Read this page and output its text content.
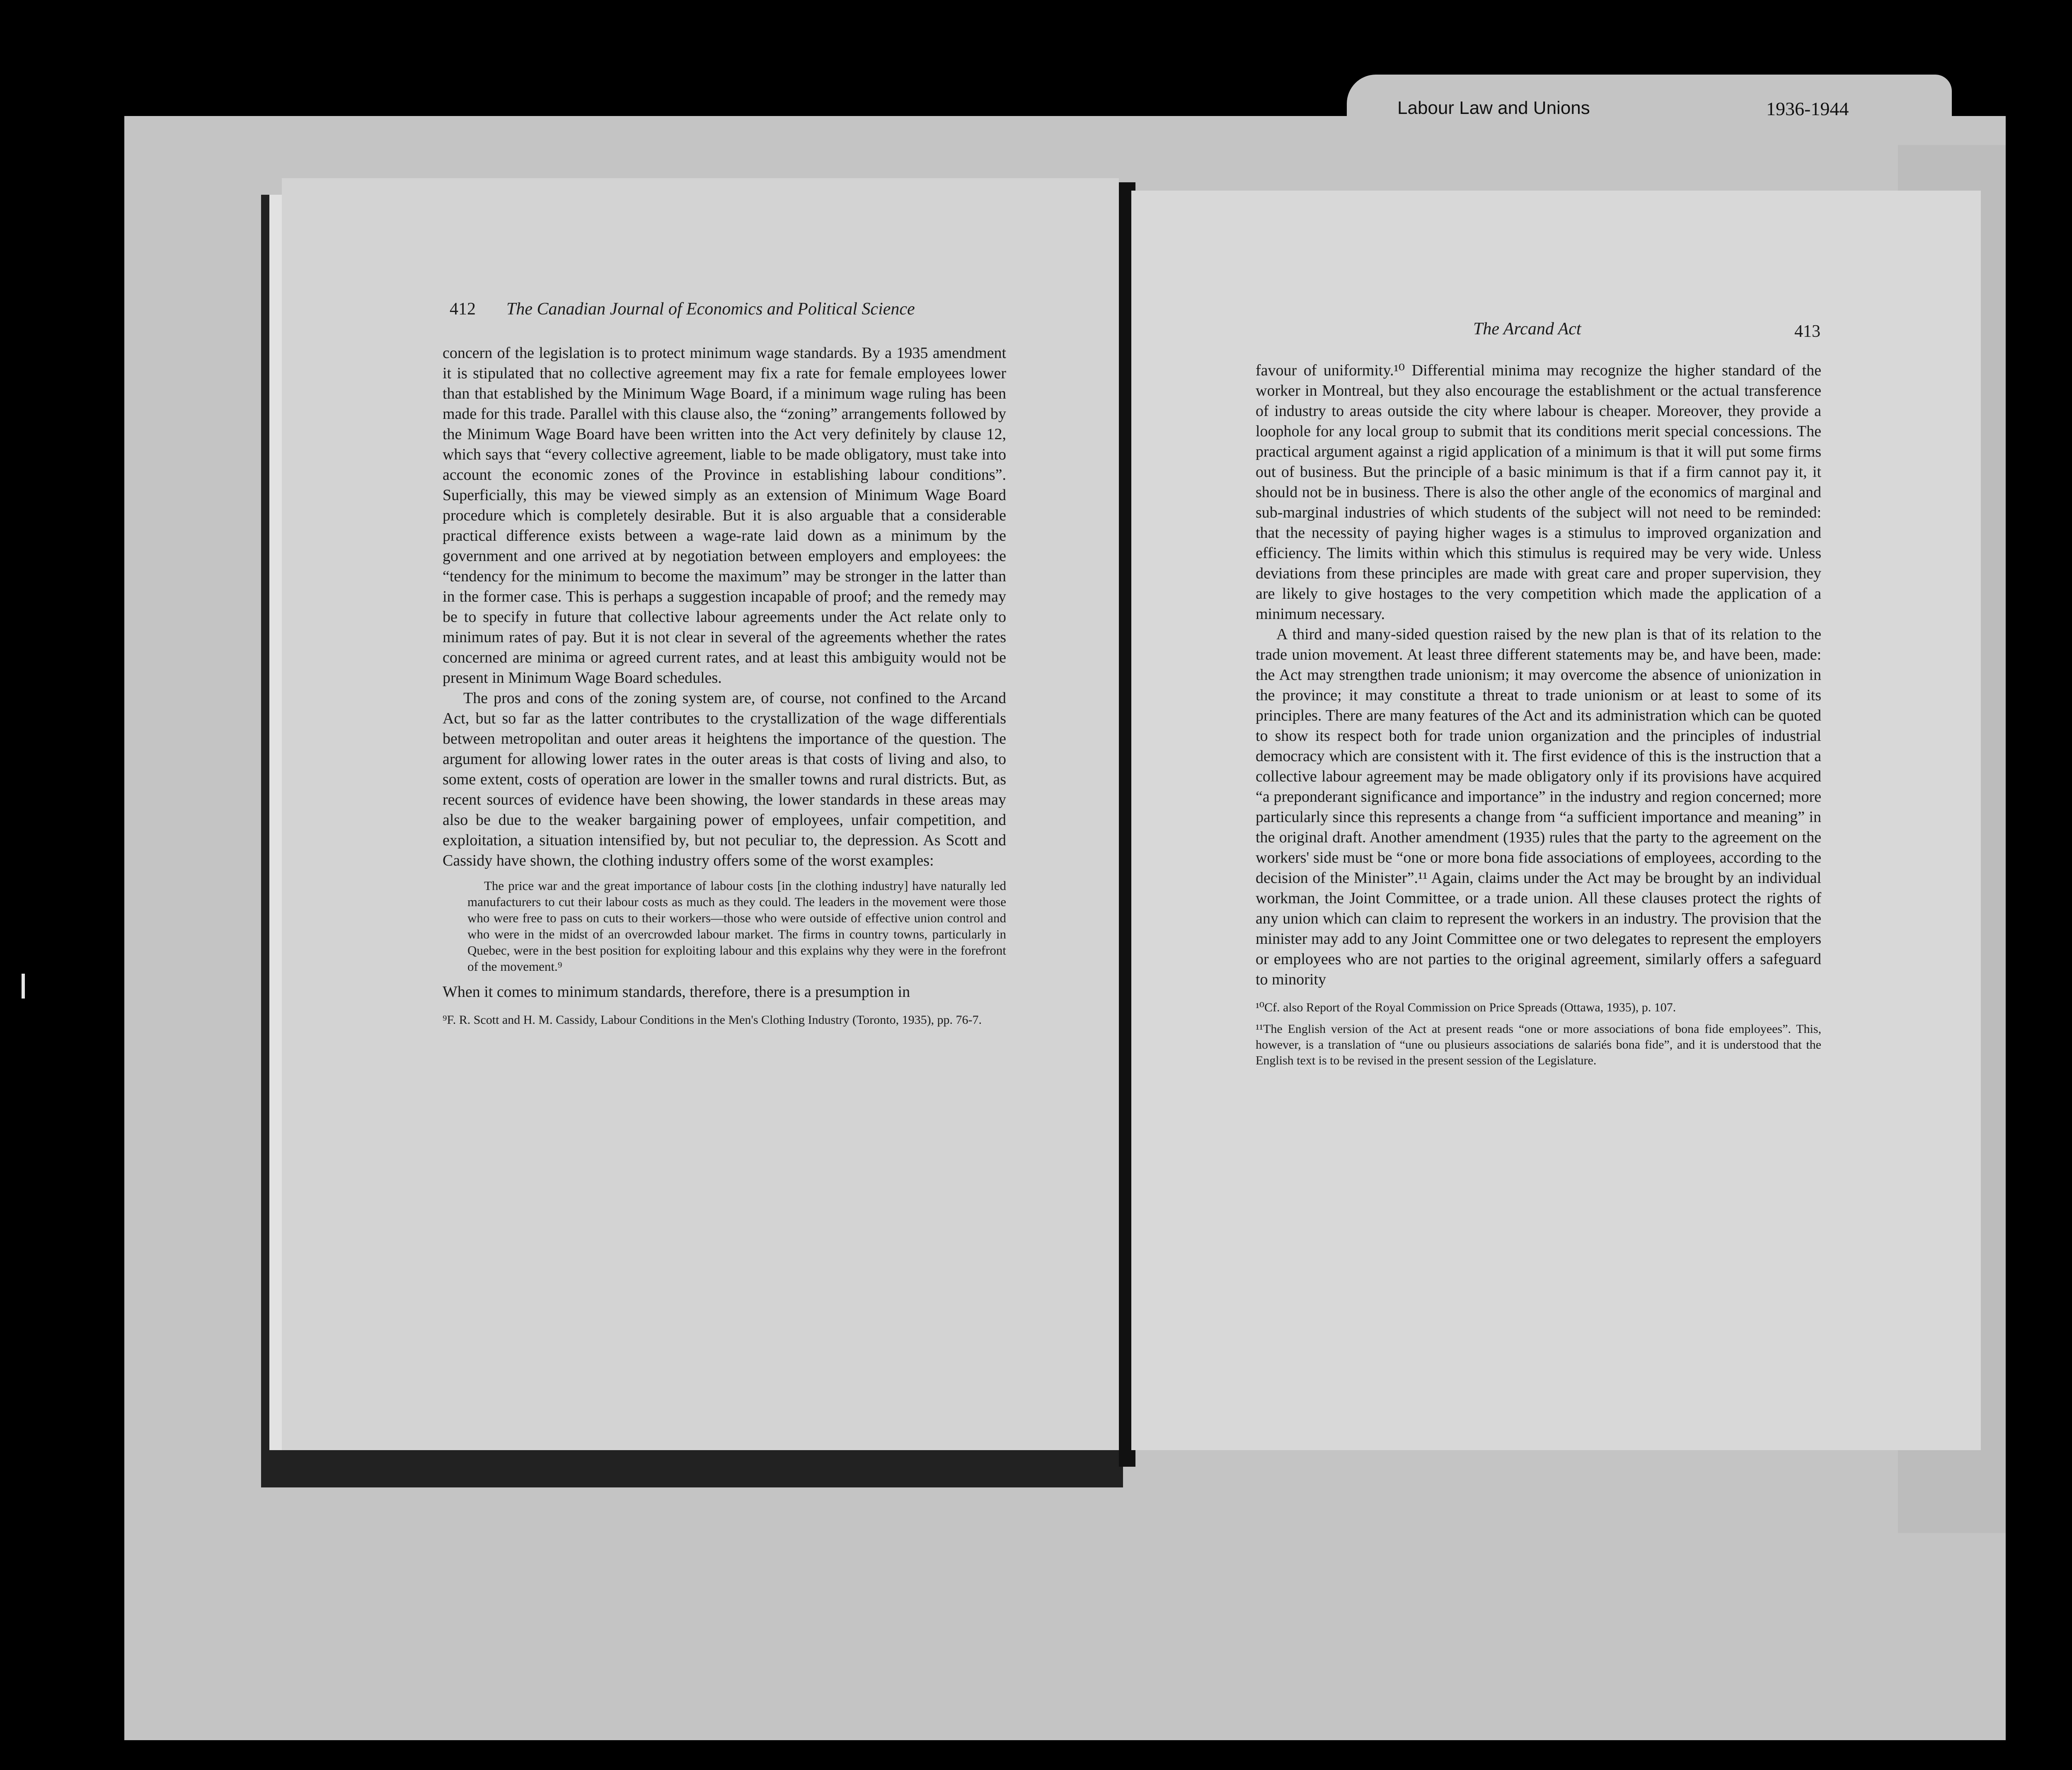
Labour Law and Unions	1936-1944
412 The Canadian Journal of Economics and Political Science

concern of the legislation is to protect minimum wage standards. By a 1935 amendment it is stipulated that no collective agreement may fix a rate for female employees lower than that established by the Minimum Wage Board, if a minimum wage ruling has been made for this trade. Parallel with this clause also, the “zoning” arrangements followed by the Minimum Wage Board have been written into the Act very definitely by clause 12, which says that “every collective agreement, liable to be made obligatory, must take into account the economic zones of the Province in establishing labour conditions”. Superficially, this may be viewed simply as an extension of Minimum Wage Board procedure which is completely desirable. But it is also arguable that a considerable practical difference exists between a wage-rate laid down as a minimum by the government and one arrived at by negotiation between employers and employees: the “tendency for the minimum to become the maximum” may be stronger in the latter than in the former case. This is perhaps a suggestion incapable of proof; and the remedy may be to specify in future that collective labour agreements under the Act relate only to minimum rates of pay. But it is not clear in several of the agreements whether the rates concerned are minima or agreed current rates, and at least this ambiguity would not be present in Minimum Wage Board schedules.

The pros and cons of the zoning system are, of course, not confined to the Arcand Act, but so far as the latter contributes to the crystallization of the wage differentials between metropolitan and outer areas it heightens the importance of the question. The argument for allowing lower rates in the outer areas is that costs of living and also, to some extent, costs of operation are lower in the smaller towns and rural districts. But, as recent sources of evidence have been showing, the lower standards in these areas may also be due to the weaker bargaining power of employees, unfair competition, and exploitation, a situation intensified by, but not peculiar to, the depression. As Scott and Cassidy have shown, the clothing industry offers some of the worst examples:

The price war and the great importance of labour costs [in the clothing industry] have naturally led manufacturers to cut their labour costs as much as they could. The leaders in the movement were those who were free to pass on cuts to their workers—those who were outside of effective union control and who were in the midst of an overcrowded labour market. The firms in country towns, particularly in Quebec, were in the best position for exploiting labour and this explains why they were in the forefront of the movement.⁹

When it comes to minimum standards, therefore, there is a presumption in

⁹F. R. Scott and H. M. Cassidy, Labour Conditions in the Men's Clothing Industry (Toronto, 1935), pp. 76-7.
The Arcand Act	413

favour of uniformity.¹⁰ Differential minima may recognize the higher standard of the worker in Montreal, but they also encourage the establishment or the actual transference of industry to areas outside the city where labour is cheaper. Moreover, they provide a loophole for any local group to submit that its conditions merit special concessions. The practical argument against a rigid application of a minimum is that it will put some firms out of business. But the principle of a basic minimum is that if a firm cannot pay it, it should not be in business. There is also the other angle of the economics of marginal and sub-marginal industries of which students of the subject will not need to be reminded: that the necessity of paying higher wages is a stimulus to improved organization and efficiency. The limits within which this stimulus is required may be very wide. Unless deviations from these principles are made with great care and proper supervision, they are likely to give hostages to the very competition which made the application of a minimum necessary.

A third and many-sided question raised by the new plan is that of its relation to the trade union movement. At least three different statements may be, and have been, made: the Act may strengthen trade unionism; it may overcome the absence of unionization in the province; it may constitute a threat to trade unionism or at least to some of its principles. There are many features of the Act and its administration which can be quoted to show its respect both for trade union organization and the principles of industrial democracy which are consistent with it. The first evidence of this is the instruction that a collective labour agreement may be made obligatory only if its provisions have acquired “a preponderant significance and importance” in the industry and region concerned; more particularly since this represents a change from “a sufficient importance and meaning” in the original draft. Another amendment (1935) rules that the party to the agreement on the workers' side must be “one or more bona fide associations of employees, according to the decision of the Minister”.¹¹ Again, claims under the Act may be brought by an individual workman, the Joint Committee, or a trade union. All these clauses protect the rights of any union which can claim to represent the workers in an industry. The provision that the minister may add to any Joint Committee one or two delegates to represent the employers or employees who are not parties to the original agreement, similarly offers a safeguard to minority

¹⁰Cf. also Report of the Royal Commission on Price Spreads (Ottawa, 1935), p. 107.
¹¹The English version of the Act at present reads “one or more associations of bona fide employees”. This, however, is a translation of “une ou plusieurs associations de salariés bona fide”, and it is understood that the English text is to be revised in the present session of the Legislature.
